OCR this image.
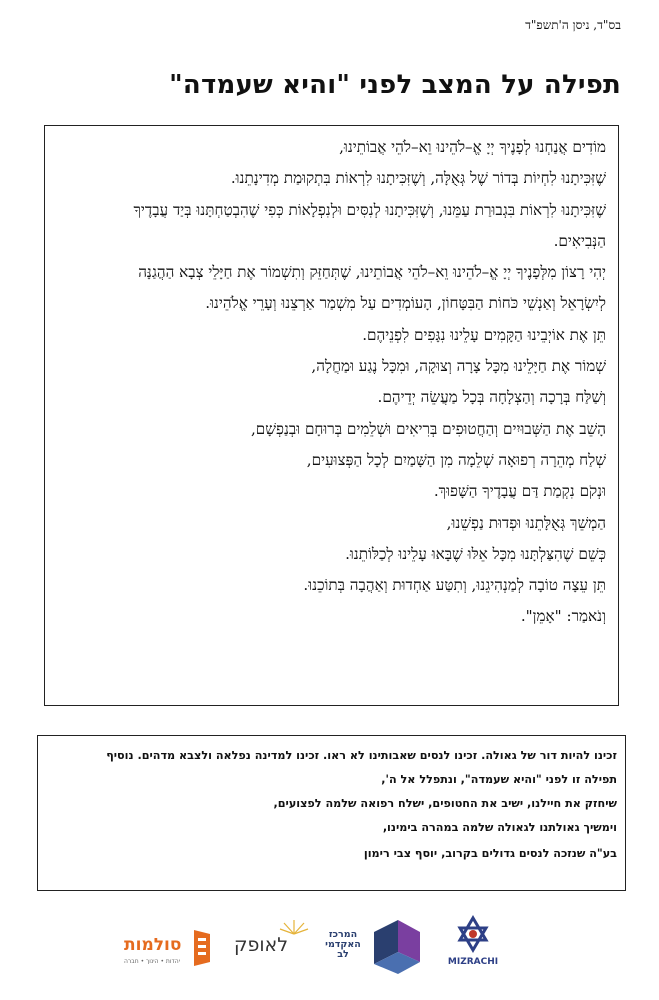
בס"ד, ניסן ה'תשפ"ד
תפילה על המצב לפני "והיא שעמדה"
מוֹדִים אֲנַחְנוּ לְפָנֶיךָ יְיָ אֱ–לֹהֵינוּ וֵא–לֹהֵי אֲבוֹתֵינוּ,
שֶׁזִּכִּיתָנוּ לִחְיוֹת בְּדוֹר שֶׁל גְּאֻלָּה, וְשֶׁזִּכִּיתָנוּ לִרְאוֹת בִּתְקוּמַת מְדִינָתֵנוּ.
שֶׁזִּכִּיתָנוּ לִרְאוֹת בִּגְבוּרַת עַמֵּנוּ, וְשֶׁזִּכִּיתָנוּ לְנִסִּים וּלְנִפְלָאוֹת כְּפִי שֶׁהִבְטַחְתָּנוּ בְּיַד עֲבָדֶיךָ
הַנְּבִיאִים.
יְהִי רָצוֹן מִלְּפָנֶיךָ יְיָ אֱ–לֹהֵינוּ וֵא–לֹהֵי אֲבוֹתֵינוּ, שֶׁתְּחַזֵּק וְתִשְׁמוֹר אֶת חַיָּלֵי צְבָא הַהֲגַנָּה
לְיִשְׂרָאֵל וְאַנְשֵׁי כֹּחוֹת הַבִּטָּחוֹן, הָעוֹמְדִים עַל מִשְׁמַר אַרְצֵנוּ וְעָרֵי אֱלֹהֵינוּ.
תֵּן אֶת אוֹיְבֵינוּ הַקָּמִים עָלֵינוּ נִגָּפִים לִפְנֵיהֶם.
שְׁמוֹר אֶת חַיָּלֵינוּ מִכָּל צָרָה וְצוּקָה, וּמִכָּל נֶגַע וּמַחֲלָה,
וְשַׁלַּח בְּרָכָה וְהַצְלָחָה בְּכָל מַעֲשֵׂה יְדֵיהֶם.
הָשֵׁב אֶת הַשְּׁבוּיִים וְהַחֲטוּפִים בְּרִיאִים וּשְׁלֵמִים בְּרוּחָם וּבְנַפְשָׁם,
שְׁלַח מְהֵרָה רְפוּאָה שְׁלֵמָה מִן הַשָּׁמַיִם לְכָל הַפְּצוּעִים,
וּנְקֹם נִקְמַת דַּם עֲבָדֶיךָ הַשָּׁפוּךְ.
הַמְשֵׁךְ גְּאֻלָּתֵנוּ וּפְדוּת נַפְשֵׁנוּ,
כְּשֵׁם שֶׁהִצַּלְתָּנוּ מִכָּל אֵלּוּ שֶׁבָּאוּ עָלֵינוּ לְכַלּוֹתֵנוּ.
תֵּן עֵצָה טוֹבָה לְמַנְהִיגֵנוּ, וְתִטַּע אַחְדוּת וְאַהֲבָה בְּתוֹכֵנוּ.
וְנֹאמַר: "אָמֵן".
זכינו להיות דור של גאולה. זכינו לנסים שאבותינו לא ראו. זכינו למדינה נפלאה ולצבא מדהים. נוסיף
תפילה זו לפני "והיא שעמדה", ונתפלל אל ה',
שיחזק את חיילנו, ישיב את החטופים, ישלח רפואה שלמה לפצועים,
וימשיך גאולתנו לגאולה שלמה במהרה בימינו,
בע"ה שנזכה לנסים גדולים בקרוב, יוסף צבי רימון
סולמות
יהדות • הינוך • חברה
לאופק	המרכז האקדמי לב
MIZRACHI
